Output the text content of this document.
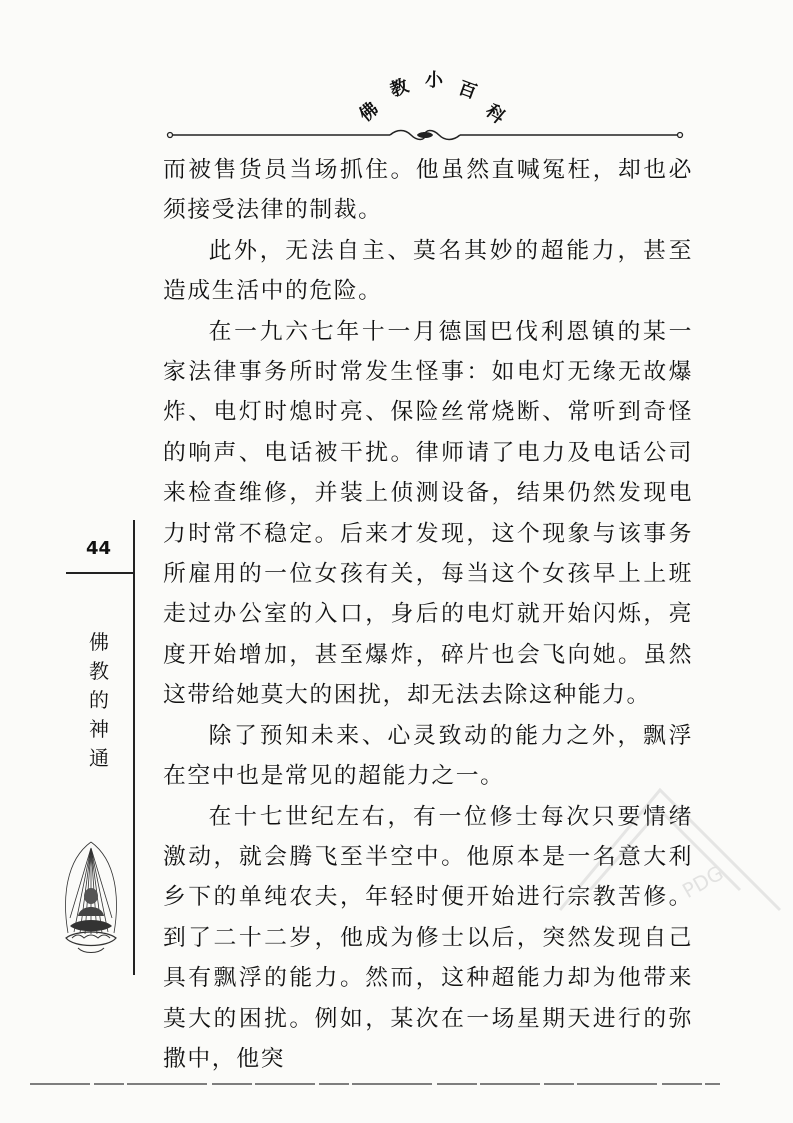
佛
教 小 百
科

而被售货员当场抓住。他虽然直喊冤枉，却也必须接受法律的制裁。

此外，无法自主、莫名其妙的超能力，甚至造成生活中的危险。

在一九六七年十一月德国巴伐利恩镇的某一家法律事务所时常发生怪事：如电灯无缘无故爆炸、电灯时熄时亮、保险丝常烧断、常听到奇怪的响声、电话被干扰。律师请了电力及电话公司来检查维修，并装上侦测设备，结果仍然发现电力时常不稳定。后来才发现，这个现象与该事务所雇用的一位女孩有关，每当这个女孩早上上班走过办公室的入口，身后的电灯就开始闪烁，亮度开始增加，甚至爆炸，碎片也会飞向她。虽然这带给她莫大的困扰，却无法去除这种能力。

除了预知未来、心灵致动的能力之外，飘浮在空中也是常见的超能力之一。

在十七世纪左右，有一位修士每次只要情绪激动，就会腾飞至半空中。他原本是一名意大利乡下的单纯农夫，年轻时便开始进行宗教苦修。到了二十二岁，他成为修士以后，突然发现自己具有飘浮的能力。然而，这种超能力却为他带来莫大的困扰。例如，某次在一场星期天进行的弥撒中，他突

44
佛
教
的
神
通
PDG
